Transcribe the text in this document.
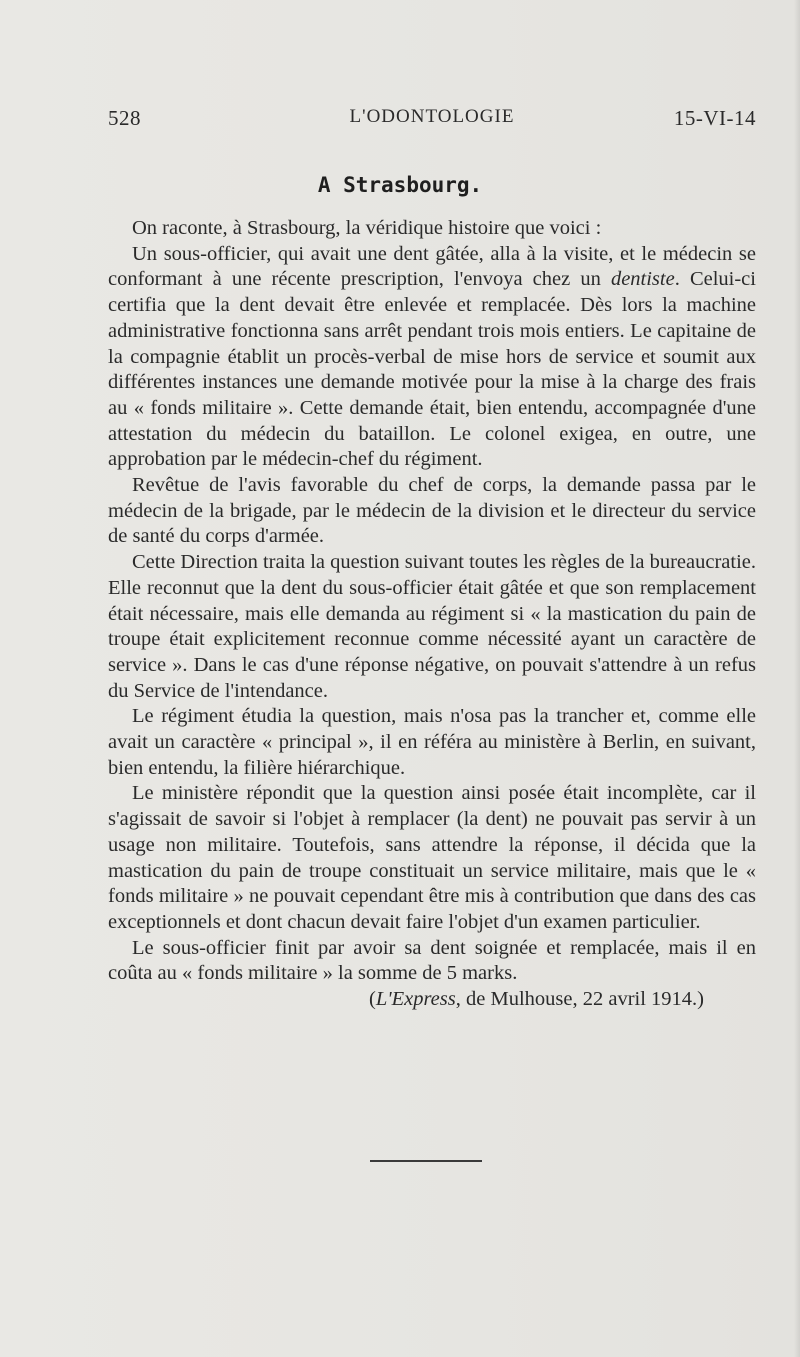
528	L'ODONTOLOGIE	15-VI-14
A Strasbourg.

On raconte, à Strasbourg, la véridique histoire que voici :

Un sous-officier, qui avait une dent gâtée, alla à la visite, et le médecin se conformant à une récente prescription, l'envoya chez un dentiste. Celui-ci certifia que la dent devait être enlevée et remplacée. Dès lors la machine administrative fonctionna sans arrêt pendant trois mois entiers. Le capitaine de la compagnie établit un procès-verbal de mise hors de service et soumit aux différentes instances une demande motivée pour la mise à la charge des frais au « fonds militaire ». Cette demande était, bien entendu, accompagnée d'une attestation du médecin du bataillon. Le colonel exigea, en outre, une approbation par le médecin-chef du régiment.

Revêtue de l'avis favorable du chef de corps, la demande passa par le médecin de la brigade, par le médecin de la division et le directeur du service de santé du corps d'armée.

Cette Direction traita la question suivant toutes les règles de la bureaucratie. Elle reconnut que la dent du sous-officier était gâtée et que son remplacement était nécessaire, mais elle demanda au régiment si « la mastication du pain de troupe était explicitement reconnue comme nécessité ayant un caractère de service ». Dans le cas d'une réponse négative, on pouvait s'attendre à un refus du Service de l'intendance.

Le régiment étudia la question, mais n'osa pas la trancher et, comme elle avait un caractère « principal », il en référa au ministère à Berlin, en suivant, bien entendu, la filière hiérarchique.

Le ministère répondit que la question ainsi posée était incomplète, car il s'agissait de savoir si l'objet à remplacer (la dent) ne pouvait pas servir à un usage non militaire. Toutefois, sans attendre la réponse, il décida que la mastication du pain de troupe constituait un service militaire, mais que le « fonds militaire » ne pouvait cependant être mis à contribution que dans des cas exceptionnels et dont chacun devait faire l'objet d'un examen particulier.

Le sous-officier finit par avoir sa dent soignée et remplacée, mais il en coûta au « fonds militaire » la somme de 5 marks.

(L'Express, de Mulhouse, 22 avril 1914.)
